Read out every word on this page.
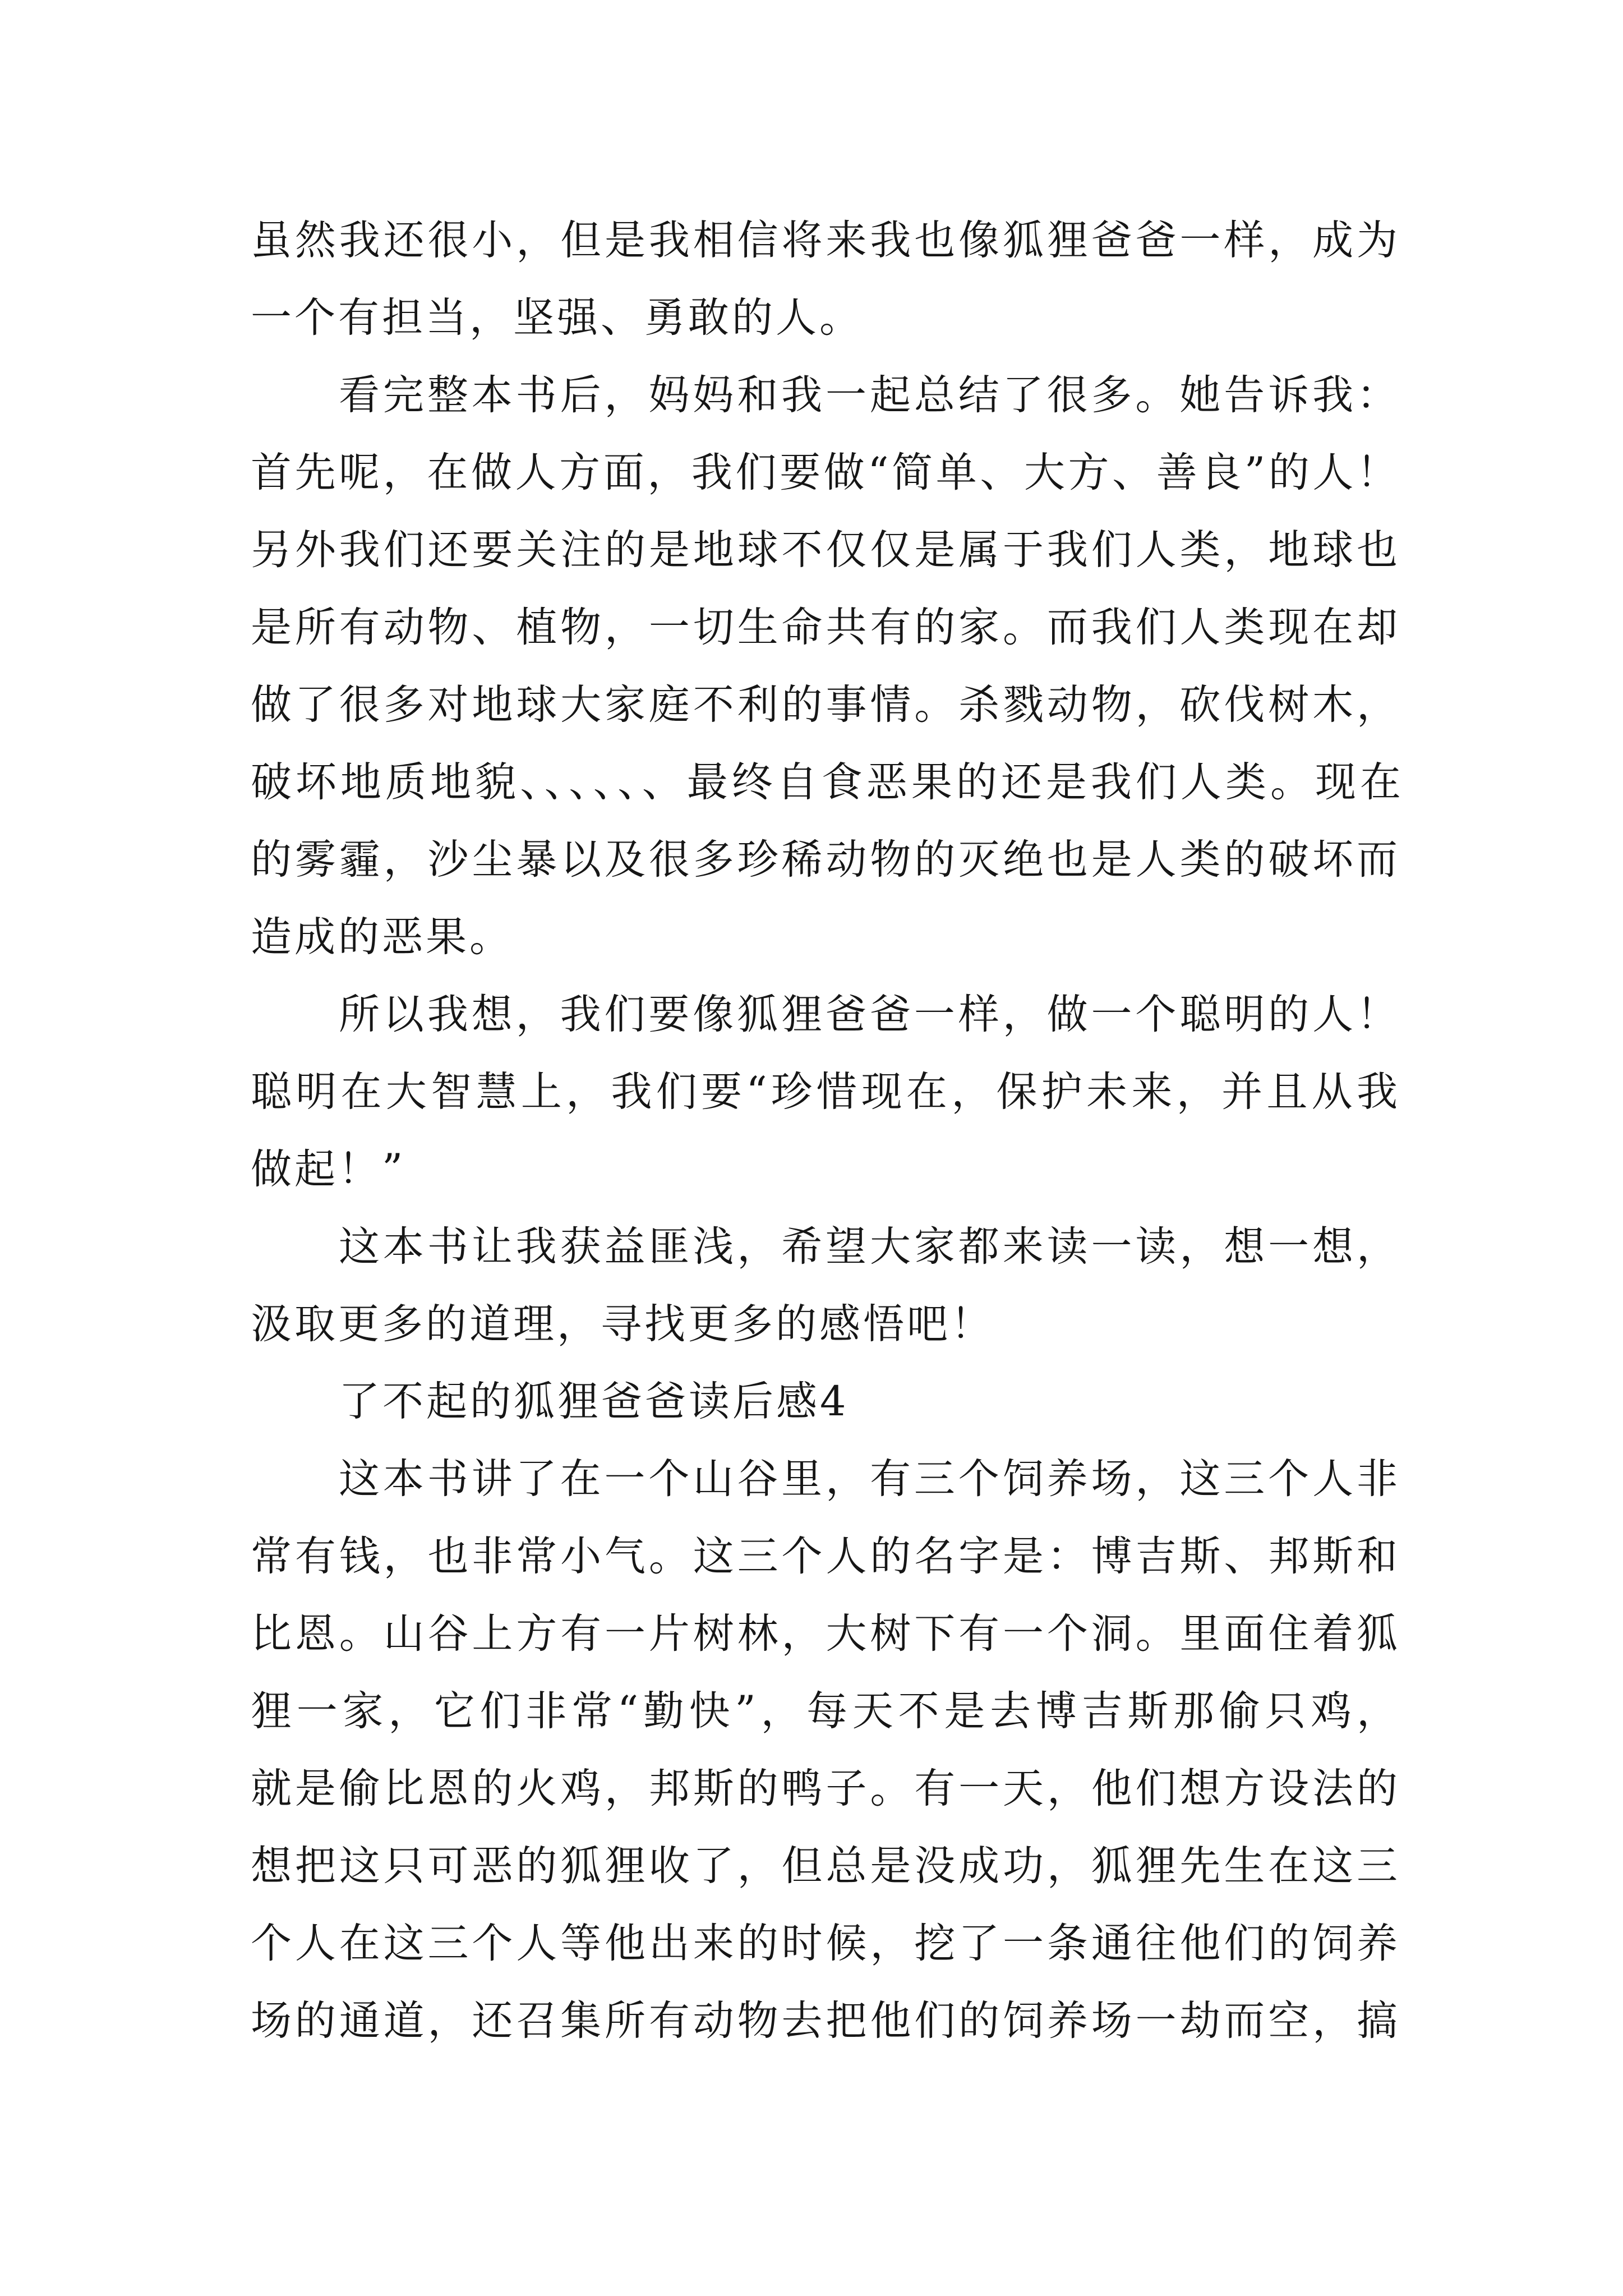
虽然我还很小，但是我相信将来我也像狐狸爸爸一样，成为
一个有担当，坚强、勇敢的人。
看完整本书后，妈妈和我一起总结了很多。她告诉我：
首先呢，在做人方面，我们要做“简单、大方、善良”的人！
另外我们还要关注的是地球不仅仅是属于我们人类，地球也
是所有动物、植物，一切生命共有的家。而我们人类现在却
做了很多对地球大家庭不利的事情。杀戮动物，砍伐树木，
破坏地质地貌、、、、、、最终自食恶果的还是我们人类。现在
的雾霾，沙尘暴以及很多珍稀动物的灭绝也是人类的破坏而
造成的恶果。
所以我想，我们要像狐狸爸爸一样，做一个聪明的人！
聪明在大智慧上，我们要“珍惜现在，保护未来，并且从我
做起！”
这本书让我获益匪浅，希望大家都来读一读，想一想，
汲取更多的道理，寻找更多的感悟吧！
了不起的狐狸爸爸读后感4
这本书讲了在一个山谷里，有三个饲养场，这三个人非
常有钱，也非常小气。这三个人的名字是：博吉斯、邦斯和
比恩。山谷上方有一片树林，大树下有一个洞。里面住着狐
狸一家，它们非常“勤快”，每天不是去博吉斯那偷只鸡，
就是偷比恩的火鸡，邦斯的鸭子。有一天，他们想方设法的
想把这只可恶的狐狸收了，但总是没成功，狐狸先生在这三
个人在这三个人等他出来的时候，挖了一条通往他们的饲养
场的通道，还召集所有动物去把他们的饲养场一劫而空，搞
